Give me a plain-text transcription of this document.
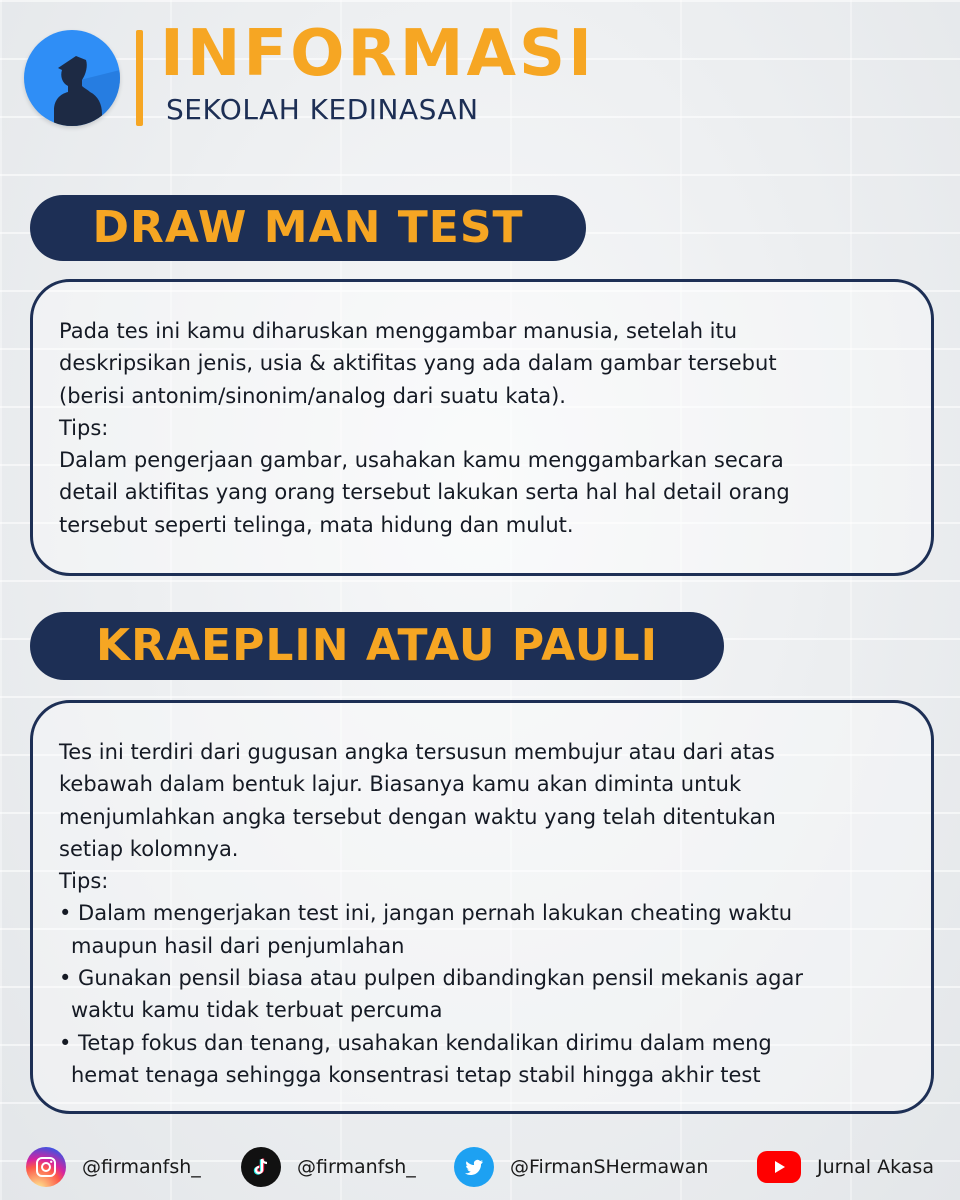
INFORMASI
SEKOLAH KEDINASAN
DRAW MAN TEST
Pada tes ini kamu diharuskan menggambar manusia, setelah itu
deskripsikan jenis, usia & aktifitas yang ada dalam gambar tersebut
(berisi antonim/sinonim/analog dari suatu kata).
Tips:
Dalam pengerjaan gambar, usahakan kamu menggambarkan secara
detail aktifitas yang orang tersebut lakukan serta hal hal detail orang
tersebut seperti telinga, mata hidung dan mulut.
KRAEPLIN ATAU PAULI
Tes ini terdiri dari gugusan angka tersusun membujur atau dari atas
kebawah dalam bentuk lajur. Biasanya kamu akan diminta untuk
menjumlahkan angka tersebut dengan waktu yang telah ditentukan
setiap kolomnya.
Tips:
• Dalam mengerjakan test ini, jangan pernah lakukan cheating waktu
maupun hasil dari penjumlahan
• Gunakan pensil biasa atau pulpen dibandingkan pensil mekanis agar
waktu kamu tidak terbuat percuma
• Tetap fokus dan tenang, usahakan kendalikan dirimu dalam meng
hemat tenaga sehingga konsentrasi tetap stabil hingga akhir test
@firmanfsh_	@firmanfsh_	@FirmanSHermawan	Jurnal Akasa
